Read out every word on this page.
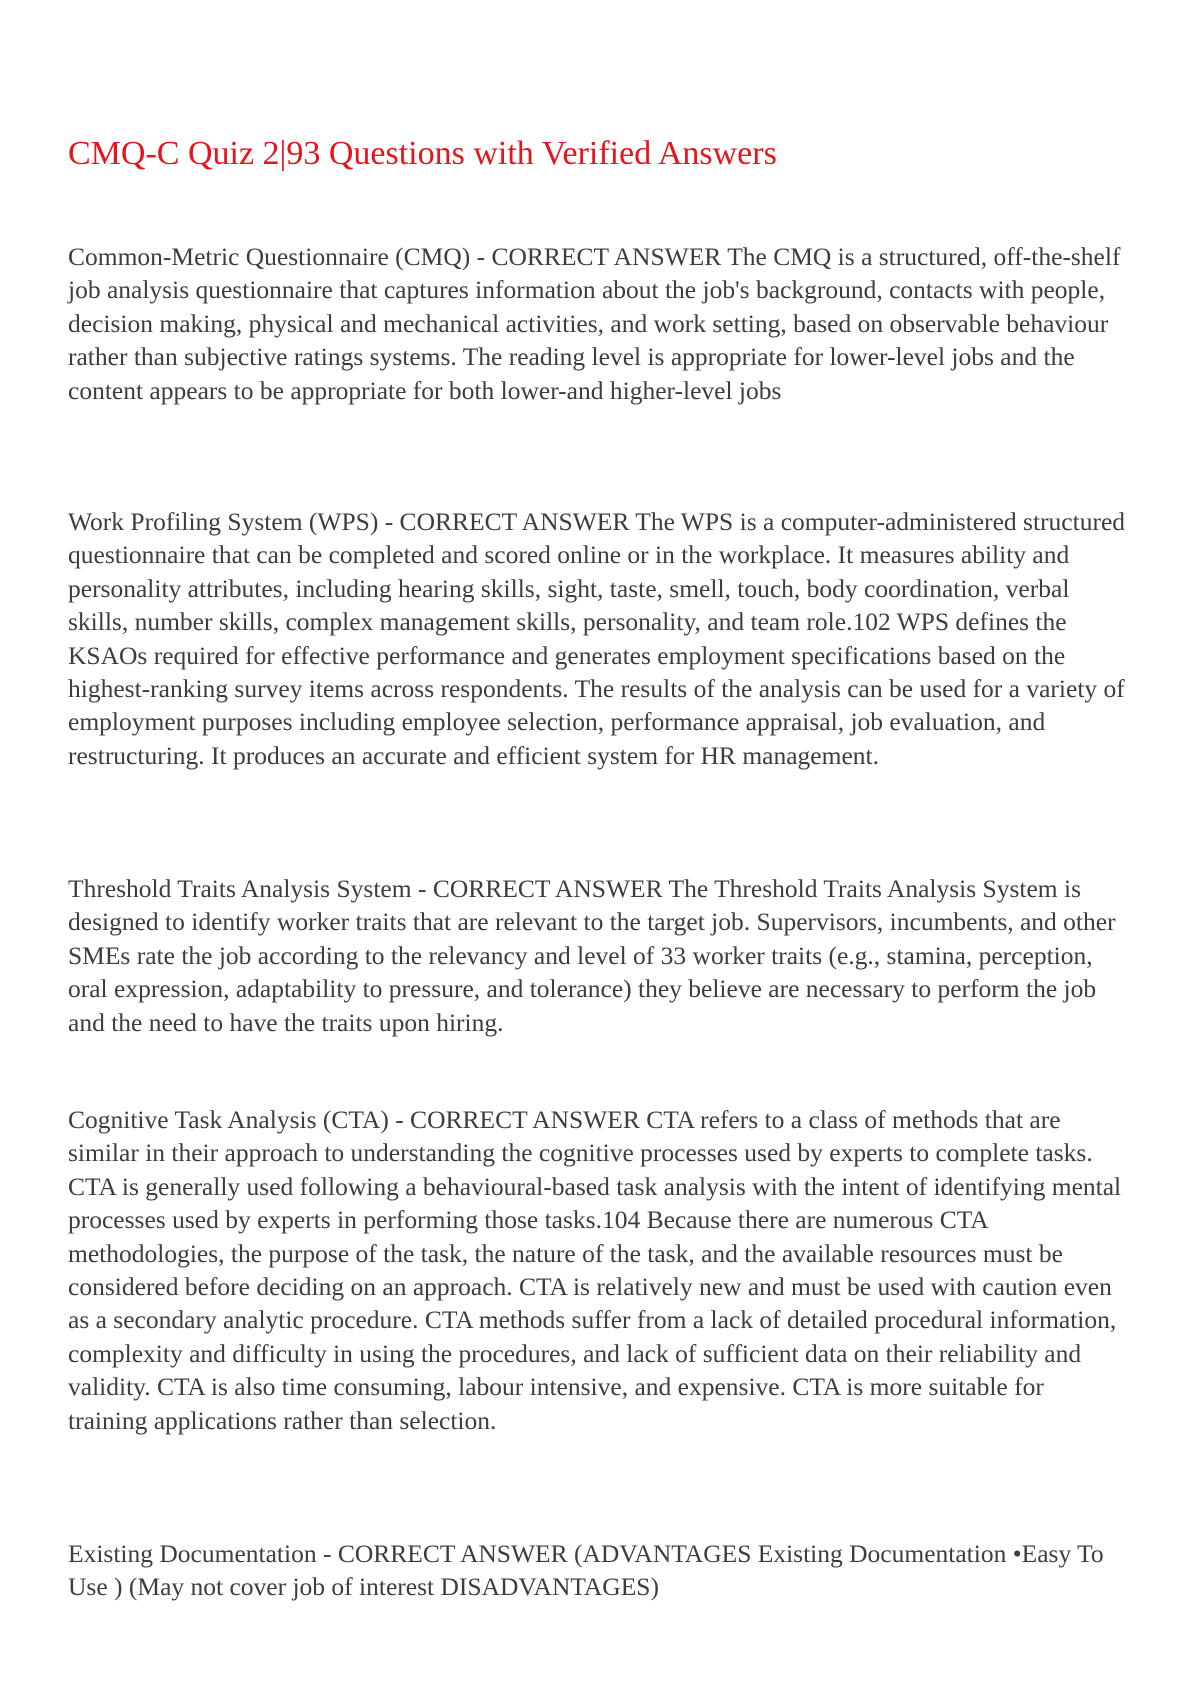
CMQ-C Quiz 2|93 Questions with Verified Answers

Common-Metric Questionnaire (CMQ) - CORRECT ANSWER The CMQ is a structured, off-the-shelf job analysis questionnaire that captures information about the job's background, contacts with people, decision making, physical and mechanical activities, and work setting, based on observable behaviour rather than subjective ratings systems. The reading level is appropriate for lower-level jobs and the content appears to be appropriate for both lower-and higher-level jobs

Work Profiling System (WPS) - CORRECT ANSWER The WPS is a computer-administered structured questionnaire that can be completed and scored online or in the workplace. It measures ability and personality attributes, including hearing skills, sight, taste, smell, touch, body coordination, verbal skills, number skills, complex management skills, personality, and team role.102 WPS defines the KSAOs required for effective performance and generates employment specifications based on the highest-ranking survey items across respondents. The results of the analysis can be used for a variety of employment purposes including employee selection, performance appraisal, job evaluation, and restructuring. It produces an accurate and efficient system for HR management.

Threshold Traits Analysis System - CORRECT ANSWER The Threshold Traits Analysis System is designed to identify worker traits that are relevant to the target job. Supervisors, incumbents, and other SMEs rate the job according to the relevancy and level of 33 worker traits (e.g., stamina, perception, oral expression, adaptability to pressure, and tolerance) they believe are necessary to perform the job and the need to have the traits upon hiring.

Cognitive Task Analysis (CTA) - CORRECT ANSWER CTA refers to a class of methods that are similar in their approach to understanding the cognitive processes used by experts to complete tasks. CTA is generally used following a behavioural-based task analysis with the intent of identifying mental processes used by experts in performing those tasks.104 Because there are numerous CTA methodologies, the purpose of the task, the nature of the task, and the available resources must be considered before deciding on an approach. CTA is relatively new and must be used with caution even as a secondary analytic procedure. CTA methods suffer from a lack of detailed procedural information, complexity and difficulty in using the procedures, and lack of sufficient data on their reliability and validity. CTA is also time consuming, labour intensive, and expensive. CTA is more suitable for training applications rather than selection.

Existing Documentation - CORRECT ANSWER (ADVANTAGES Existing Documentation •Easy To Use ) (May not cover job of interest DISADVANTAGES)
